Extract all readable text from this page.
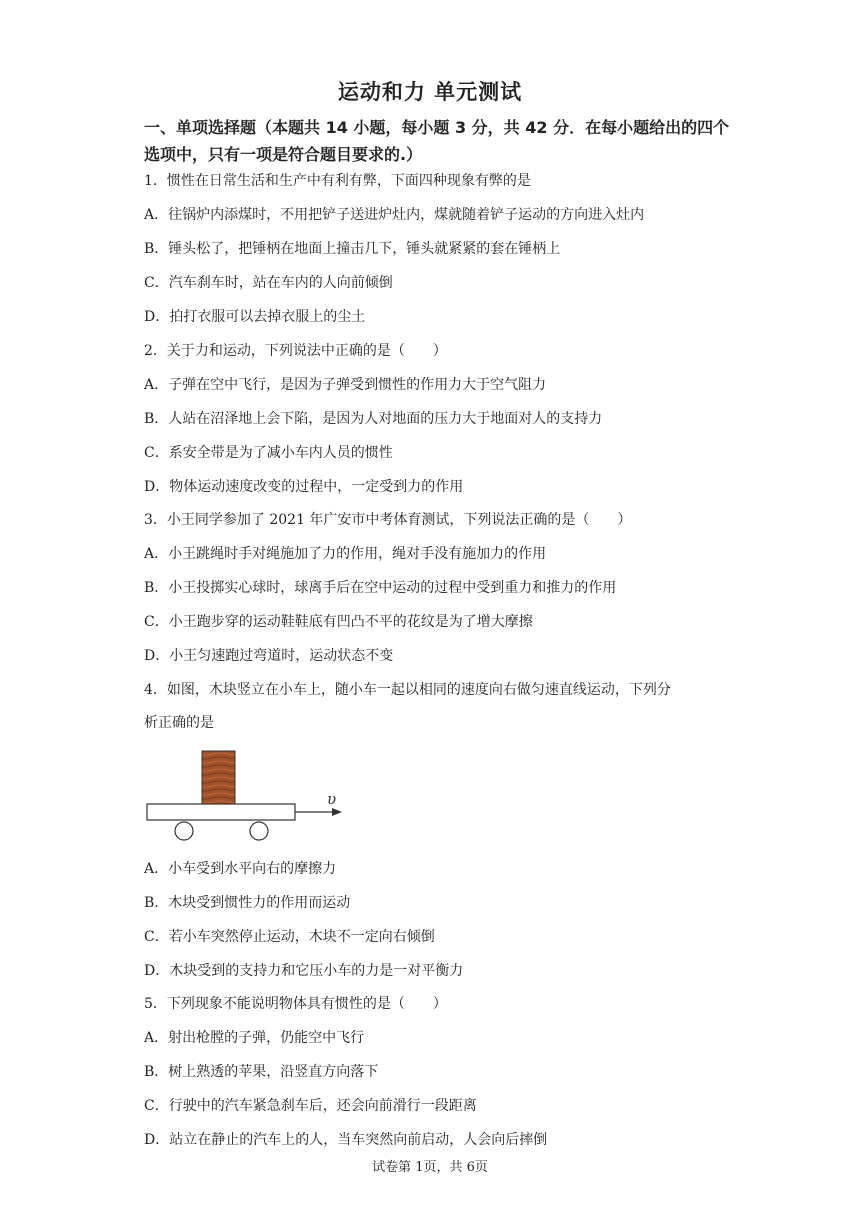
运动和力 单元测试
一、单项选择题（本题共 14 小题，每小题 3 分，共 42 分．在每小题给出的四个选项中，只有一项是符合题目要求的.）
1．惯性在日常生活和生产中有利有弊，下面四种现象有弊的是
A．往锅炉内添煤时，不用把铲子送进炉灶内，煤就随着铲子运动的方向进入灶内
B．锤头松了，把锤柄在地面上撞击几下，锤头就紧紧的套在锤柄上
C．汽车刹车时，站在车内的人向前倾倒
D．拍打衣服可以去掉衣服上的尘土
2．关于力和运动，下列说法中正确的是（　　）
A．子弹在空中飞行，是因为子弹受到惯性的作用力大于空气阻力
B．人站在沼泽地上会下陷，是因为人对地面的压力大于地面对人的支持力
C．系安全带是为了减小车内人员的惯性
D．物体运动速度改变的过程中，一定受到力的作用
3．小王同学参加了 2021 年广安市中考体育测试，下列说法正确的是（　　）
A．小王跳绳时手对绳施加了力的作用，绳对手没有施加力的作用
B．小王投掷实心球时，球离手后在空中运动的过程中受到重力和推力的作用
C．小王跑步穿的运动鞋鞋底有凹凸不平的花纹是为了增大摩擦
D．小王匀速跑过弯道时，运动状态不变
4．如图，木块竖立在小车上，随小车一起以相同的速度向右做匀速直线运动，下列分
析正确的是
υ
A．小车受到水平向右的摩擦力
B．木块受到惯性力的作用而运动
C．若小车突然停止运动，木块不一定向右倾倒
D．木块受到的支持力和它压小车的力是一对平衡力
5．下列现象不能说明物体具有惯性的是（　　）
A．射出枪膛的子弹，仍能空中飞行
B．树上熟透的苹果，沿竖直方向落下
C．行驶中的汽车紧急刹车后，还会向前滑行一段距离
D．站立在静止的汽车上的人，当车突然向前启动，人会向后摔倒
试卷第 1页，共 6页
